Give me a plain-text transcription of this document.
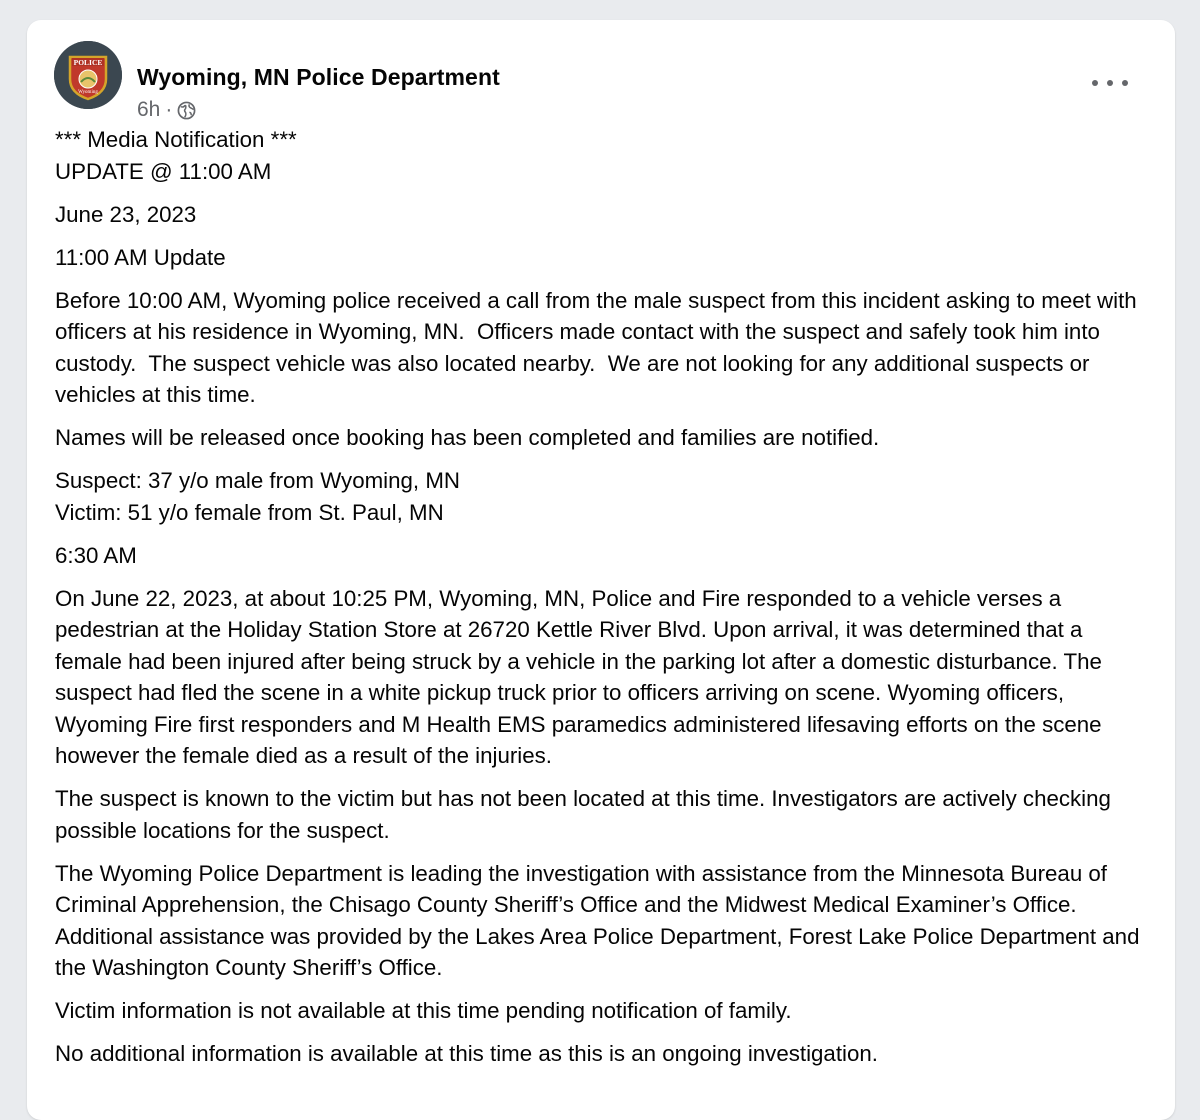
POLICE
Wyoming
Wyoming, MN Police Department
6h ·

*** Media Notification ***
UPDATE @ 11:00 AM

June 23, 2023

11:00 AM Update

Before 10:00 AM, Wyoming police received a call from the male suspect from this incident asking to meet with officers at his residence in Wyoming, MN.  Officers made contact with the suspect and safely took him into custody.  The suspect vehicle was also located nearby.  We are not looking for any additional suspects or vehicles at this time.

Names will be released once booking has been completed and families are notified.

Suspect: 37 y/o male from Wyoming, MN
Victim: 51 y/o female from St. Paul, MN

6:30 AM

On June 22, 2023, at about 10:25 PM, Wyoming, MN, Police and Fire responded to a vehicle verses a pedestrian at the Holiday Station Store at 26720 Kettle River Blvd. Upon arrival, it was determined that a female had been injured after being struck by a vehicle in the parking lot after a domestic disturbance. The suspect had fled the scene in a white pickup truck prior to officers arriving on scene. Wyoming officers, Wyoming Fire first responders and M Health EMS paramedics administered lifesaving efforts on the scene however the female died as a result of the injuries.

The suspect is known to the victim but has not been located at this time. Investigators are actively checking possible locations for the suspect.

The Wyoming Police Department is leading the investigation with assistance from the Minnesota Bureau of Criminal Apprehension, the Chisago County Sheriff’s Office and the Midwest Medical Examiner’s Office. Additional assistance was provided by the Lakes Area Police Department, Forest Lake Police Department and the Washington County Sheriff’s Office.

Victim information is not available at this time pending notification of family.

No additional information is available at this time as this is an ongoing investigation.
